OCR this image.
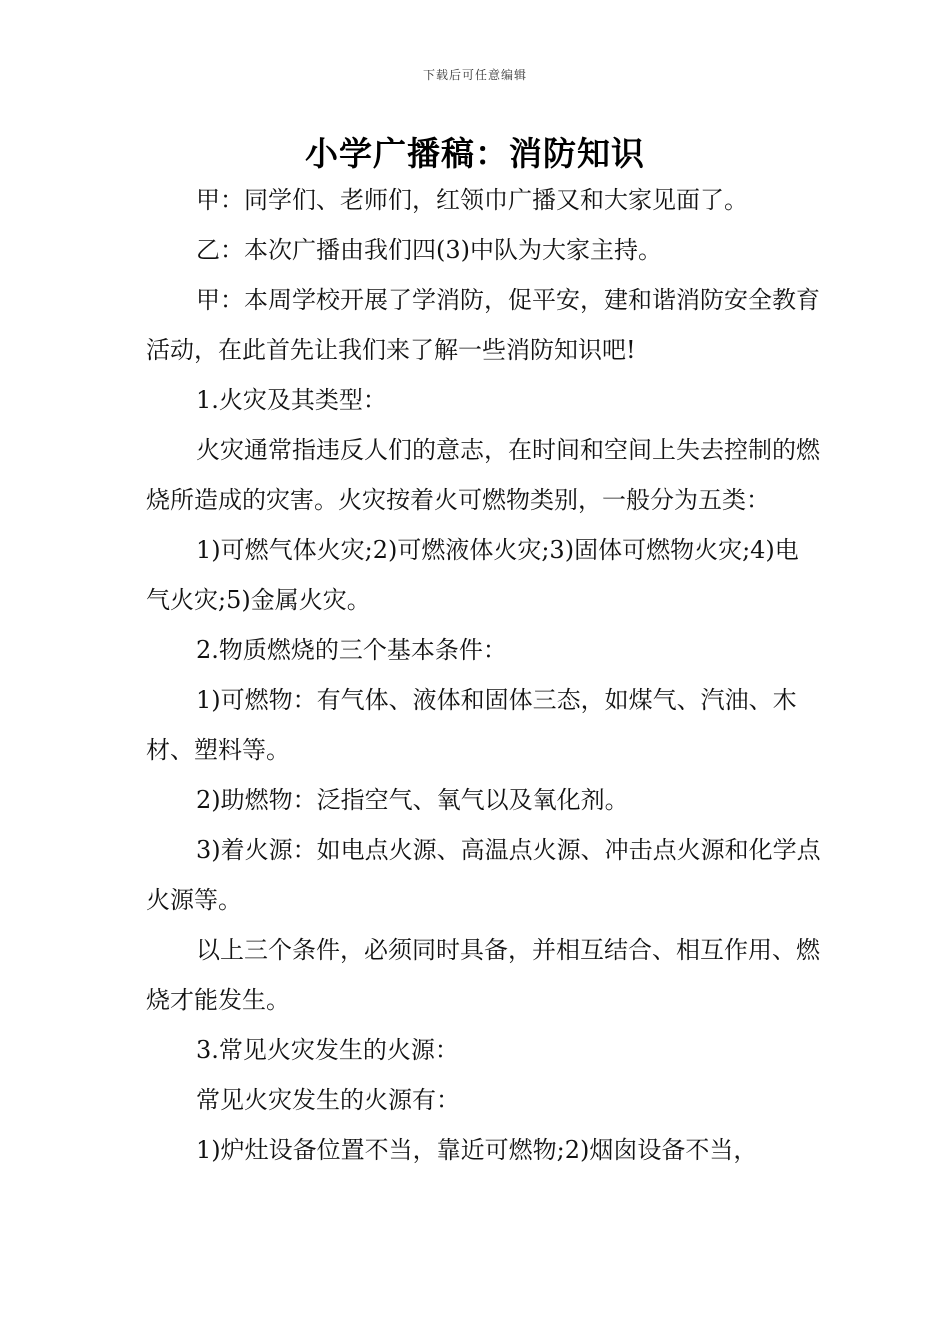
下载后可任意编辑
小学广播稿：消防知识

甲：同学们、老师们，红领巾广播又和大家见面了。

乙：本次广播由我们四(3)中队为大家主持。

甲：本周学校开展了学消防，促平安，建和谐消防安全教育活动，在此首先让我们来了解一些消防知识吧!

1.火灾及其类型：

火灾通常指违反人们的意志，在时间和空间上失去控制的燃烧所造成的灾害。火灾按着火可燃物类别，一般分为五类：

1)可燃气体火灾;2)可燃液体火灾;3)固体可燃物火灾;4)电气火灾;5)金属火灾。

2.物质燃烧的三个基本条件：

1)可燃物：有气体、液体和固体三态，如煤气、汽油、木材、塑料等。

2)助燃物：泛指空气、氧气以及氧化剂。

3)着火源：如电点火源、高温点火源、冲击点火源和化学点火源等。

以上三个条件，必须同时具备，并相互结合、相互作用、燃烧才能发生。

3.常见火灾发生的火源：

常见火灾发生的火源有：

1)炉灶设备位置不当，靠近可燃物;2)烟囱设备不当，
